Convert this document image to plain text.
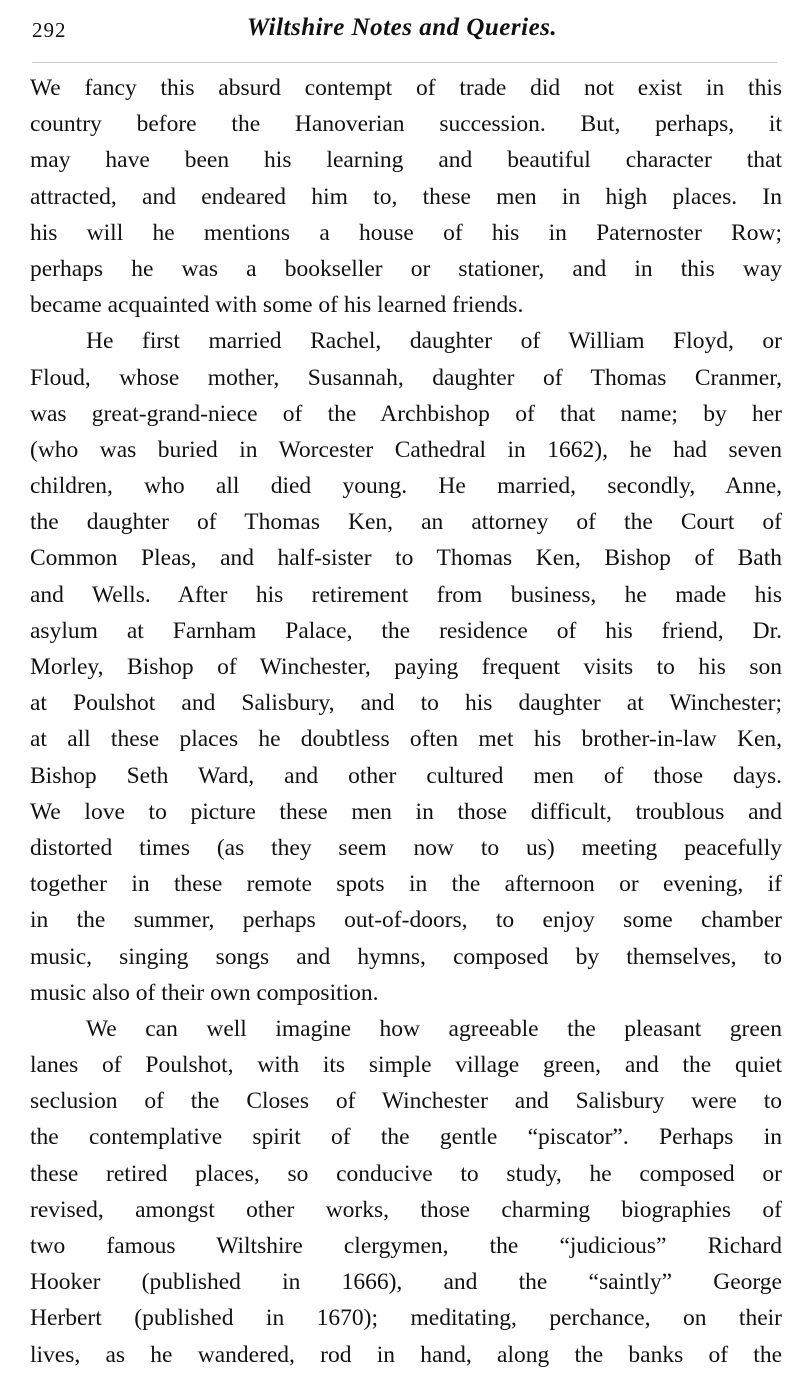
292	Wiltshire Notes and Queries.
We fancy this absurd contempt of trade did not exist in this
country before the Hanoverian succession. But, perhaps, it
may have been his learning and beautiful character that
attracted, and endeared him to, these men in high places. In
his will he mentions a house of his in Paternoster Row;
perhaps he was a bookseller or stationer, and in this way
became acquainted with some of his learned friends.
He first married Rachel, daughter of William Floyd, or
Floud, whose mother, Susannah, daughter of Thomas Cranmer,
was great-grand-niece of the Archbishop of that name; by her
(who was buried in Worcester Cathedral in 1662), he had seven
children, who all died young. He married, secondly, Anne,
the daughter of Thomas Ken, an attorney of the Court of
Common Pleas, and half-sister to Thomas Ken, Bishop of Bath
and Wells. After his retirement from business, he made his
asylum at Farnham Palace, the residence of his friend, Dr.
Morley, Bishop of Winchester, paying frequent visits to his son
at Poulshot and Salisbury, and to his daughter at Winchester;
at all these places he doubtless often met his brother-in-law Ken,
Bishop Seth Ward, and other cultured men of those days.
We love to picture these men in those difficult, troublous and
distorted times (as they seem now to us) meeting peacefully
together in these remote spots in the afternoon or evening, if
in the summer, perhaps out-of-doors, to enjoy some chamber
music, singing songs and hymns, composed by themselves, to
music also of their own composition.
We can well imagine how agreeable the pleasant green
lanes of Poulshot, with its simple village green, and the quiet
seclusion of the Closes of Winchester and Salisbury were to
the contemplative spirit of the gentle “piscator”. Perhaps in
these retired places, so conducive to study, he composed or
revised, amongst other works, those charming biographies of
two famous Wiltshire clergymen, the “judicious” Richard
Hooker (published in 1666), and the “saintly” George
Herbert (published in 1670); meditating, perchance, on their
lives, as he wandered, rod in hand, along the banks of the
